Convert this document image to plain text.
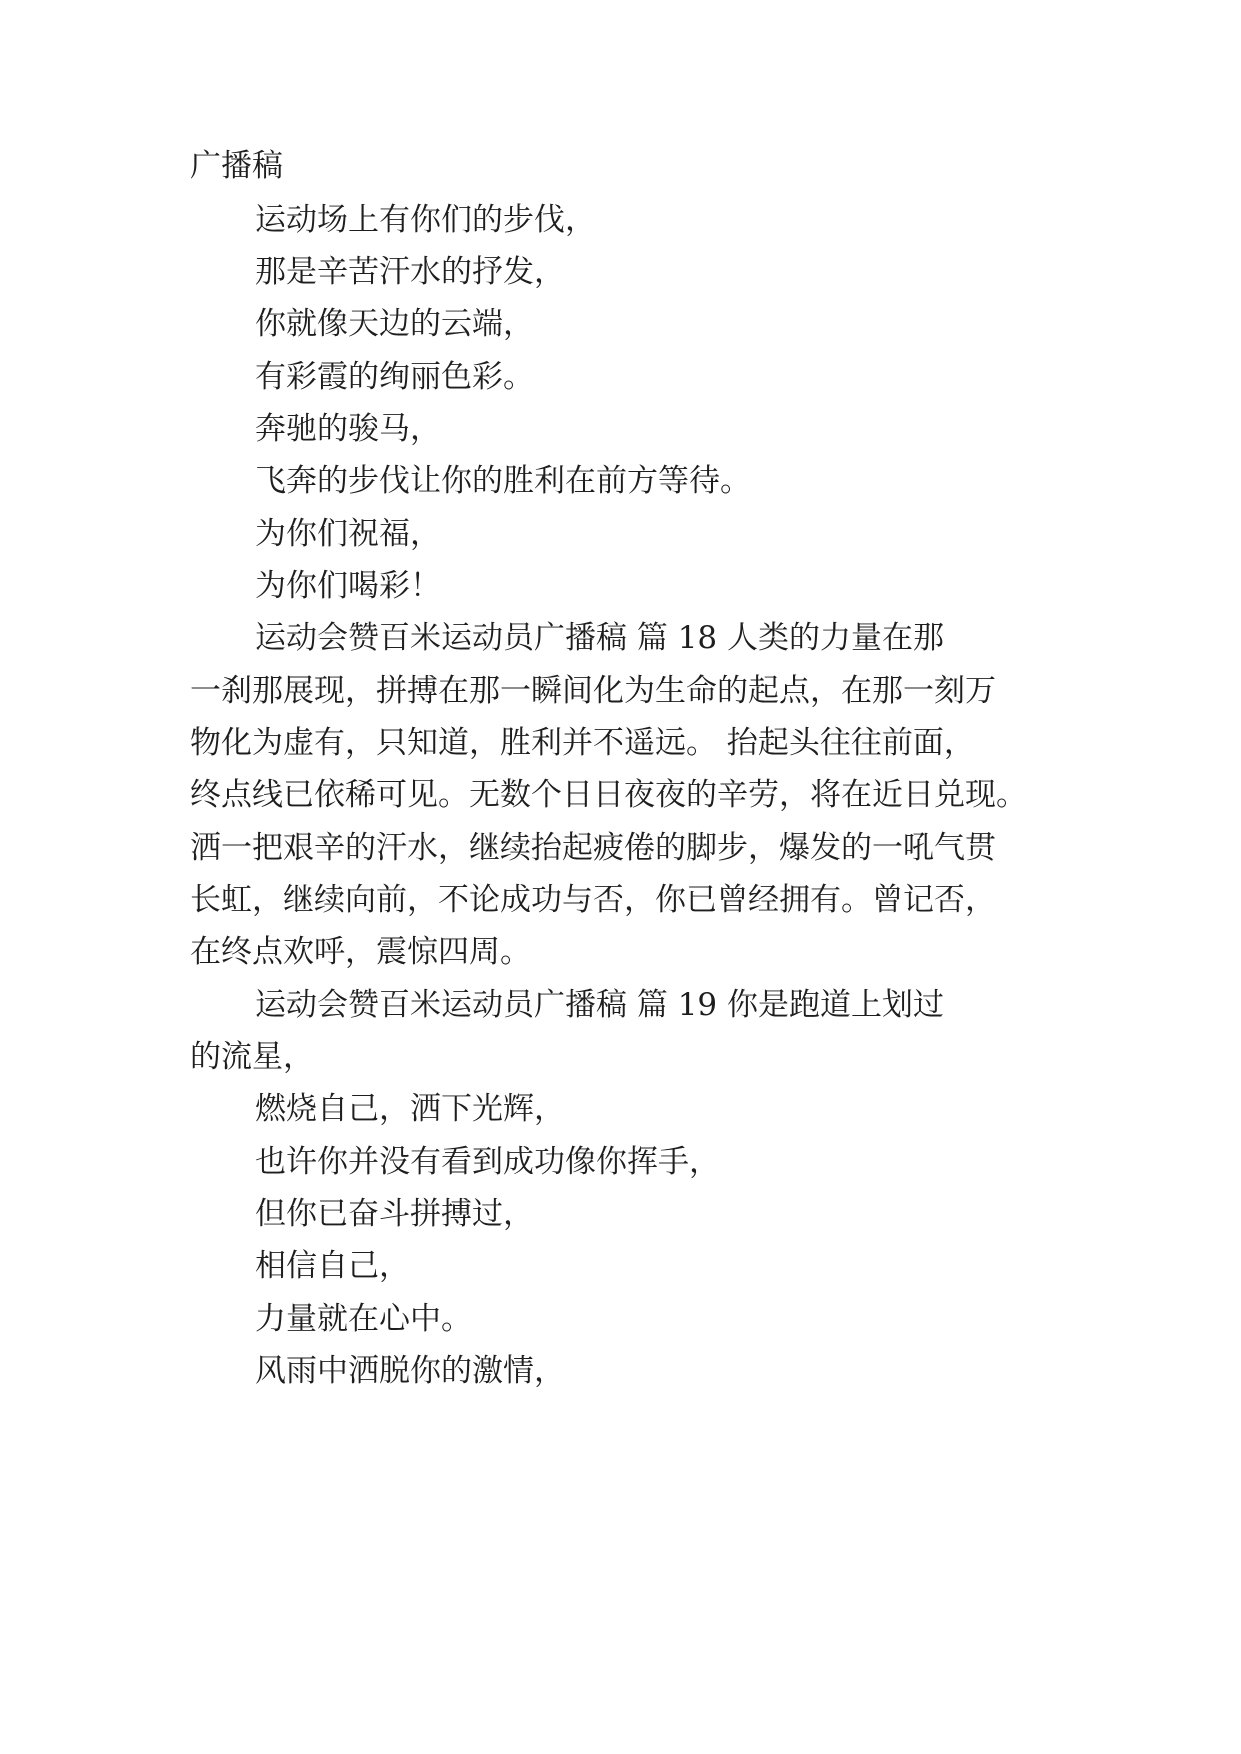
广播稿

运动场上有你们的步伐，

那是辛苦汗水的抒发，

你就像天边的云端，

有彩霞的绚丽色彩。

奔驰的骏马，

飞奔的步伐让你的胜利在前方等待。

为你们祝福，

为你们喝彩！

运动会赞百米运动员广播稿 篇 18 人类的力量在那

一刹那展现，拼搏在那一瞬间化为生命的起点，在那一刻万

物化为虚有，只知道，胜利并不遥远。 抬起头往往前面，

终点线已依稀可见。无数个日日夜夜的辛劳，将在近日兑现。

洒一把艰辛的汗水，继续抬起疲倦的脚步，爆发的一吼气贯

长虹，继续向前，不论成功与否，你已曾经拥有。曾记否，

在终点欢呼，震惊四周。

运动会赞百米运动员广播稿 篇 19 你是跑道上划过

的流星，

燃烧自己，洒下光辉，

也许你并没有看到成功像你挥手，

但你已奋斗拼搏过，

相信自己，

力量就在心中。

风雨中洒脱你的激情，
